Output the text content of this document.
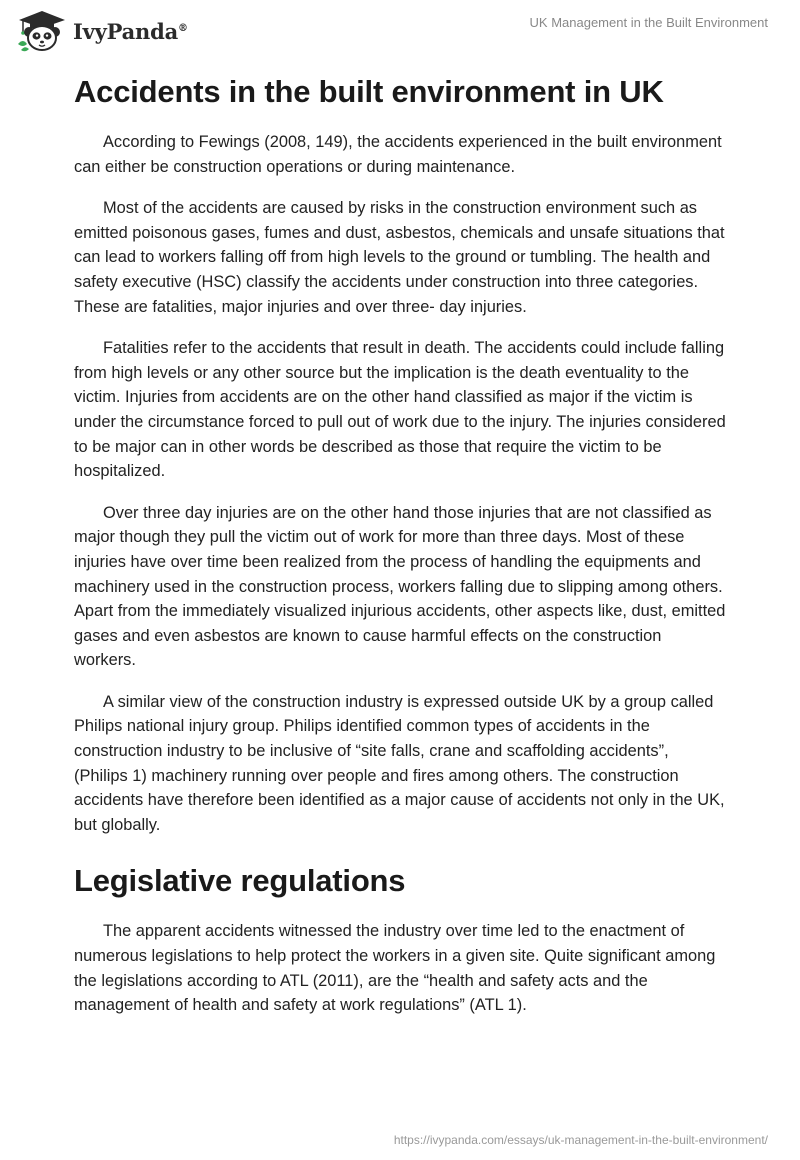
IvyPanda®	UK Management in the Built Environment
Accidents in the built environment in UK

According to Fewings (2008, 149), the accidents experienced in the built environment can either be construction operations or during maintenance.

Most of the accidents are caused by risks in the construction environment such as emitted poisonous gases, fumes and dust, asbestos, chemicals and unsafe situations that can lead to workers falling off from high levels to the ground or tumbling. The health and safety executive (HSC) classify the accidents under construction into three categories. These are fatalities, major injuries and over three- day injuries.

Fatalities refer to the accidents that result in death. The accidents could include falling from high levels or any other source but the implication is the death eventuality to the victim. Injuries from accidents are on the other hand classified as major if the victim is under the circumstance forced to pull out of work due to the injury. The injuries considered to be major can in other words be described as those that require the victim to be hospitalized.

Over three day injuries are on the other hand those injuries that are not classified as major though they pull the victim out of work for more than three days. Most of these injuries have over time been realized from the process of handling the equipments and machinery used in the construction process, workers falling due to slipping among others. Apart from the immediately visualized injurious accidents, other aspects like, dust, emitted gases and even asbestos are known to cause harmful effects on the construction workers.

A similar view of the construction industry is expressed outside UK by a group called Philips national injury group. Philips identified common types of accidents in the construction industry to be inclusive of “site falls, crane and scaffolding accidents”, (Philips 1) machinery running over people and fires among others. The construction accidents have therefore been identified as a major cause of accidents not only in the UK, but globally.

Legislative regulations

The apparent accidents witnessed the industry over time led to the enactment of numerous legislations to help protect the workers in a given site. Quite significant among the legislations according to ATL (2011), are the “health and safety acts and the management of health and safety at work regulations” (ATL 1).

https://ivypanda.com/essays/uk-management-in-the-built-environment/
